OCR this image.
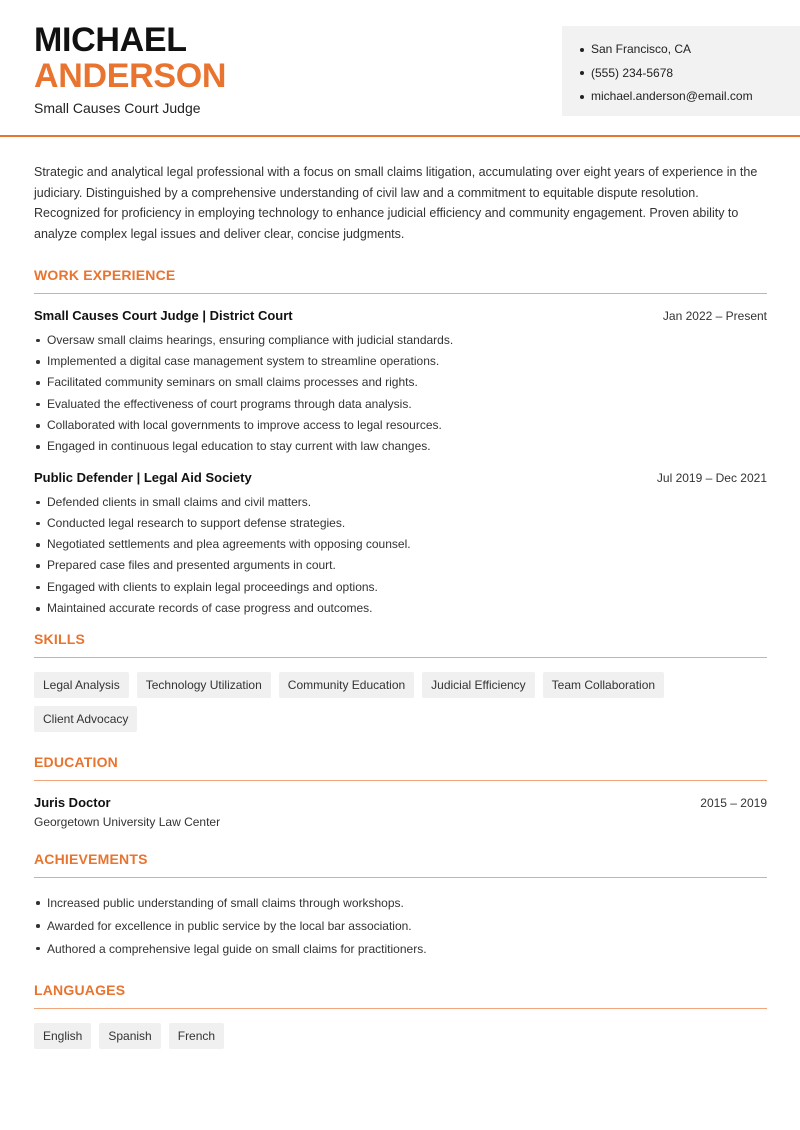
MICHAEL
ANDERSON
Small Causes Court Judge
San Francisco, CA
(555) 234-5678
michael.anderson@email.com

Strategic and analytical legal professional with a focus on small claims litigation, accumulating over eight years of experience in the judiciary. Distinguished by a comprehensive understanding of civil law and a commitment to equitable dispute resolution. Recognized for proficiency in employing technology to enhance judicial efficiency and community engagement. Proven ability to analyze complex legal issues and deliver clear, concise judgments.

WORK EXPERIENCE
Small Causes Court Judge | District Court	Jan 2022 – Present
Oversaw small claims hearings, ensuring compliance with judicial standards.
Implemented a digital case management system to streamline operations.
Facilitated community seminars on small claims processes and rights.
Evaluated the effectiveness of court programs through data analysis.
Collaborated with local governments to improve access to legal resources.
Engaged in continuous legal education to stay current with law changes.
Public Defender | Legal Aid Society	Jul 2019 – Dec 2021
Defended clients in small claims and civil matters.
Conducted legal research to support defense strategies.
Negotiated settlements and plea agreements with opposing counsel.
Prepared case files and presented arguments in court.
Engaged with clients to explain legal proceedings and options.
Maintained accurate records of case progress and outcomes.
SKILLS
Legal Analysis	Technology Utilization	Community Education	Judicial Efficiency	Team Collaboration
Client Advocacy
EDUCATION
Juris Doctor	2015 – 2019
Georgetown University Law Center
ACHIEVEMENTS
Increased public understanding of small claims through workshops.
Awarded for excellence in public service by the local bar association.
Authored a comprehensive legal guide on small claims for practitioners.
LANGUAGES
English	Spanish	French
